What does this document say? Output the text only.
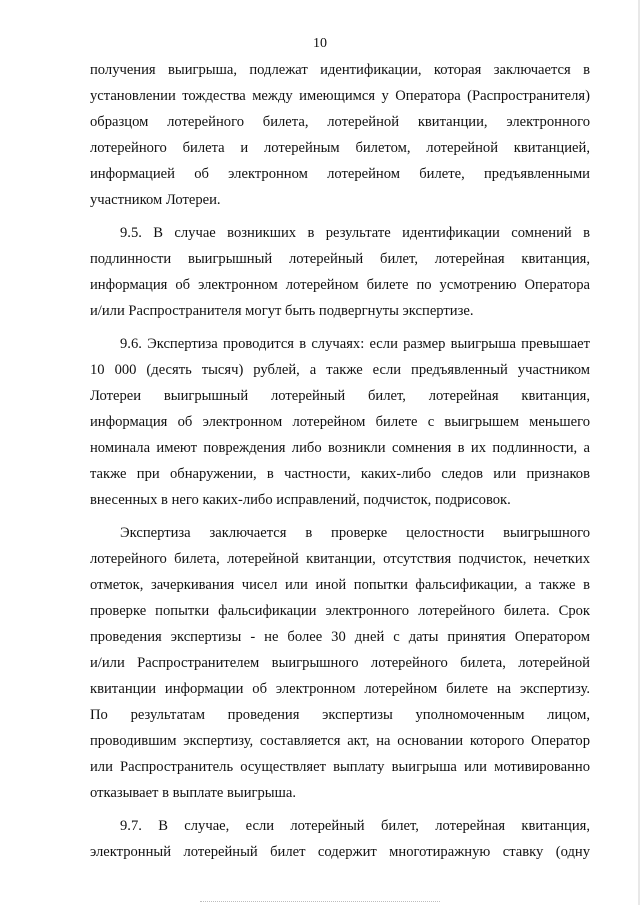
10
получения выигрыша, подлежат идентификации, которая заключается в
установлении тождества между имеющимся у Оператора (Распространителя)
образцом лотерейного билета, лотерейной квитанции, электронного
лотерейного билета и лотерейным билетом, лотерейной квитанцией,
информацией об электронном лотерейном билете, предъявленными
участником Лотереи.
9.5. В случае возникших в результате идентификации сомнений в
подлинности выигрышный лотерейный билет, лотерейная квитанция,
информация об электронном лотерейном билете по усмотрению Оператора
и/или Распространителя могут быть подвергнуты экспертизе.
9.6. Экспертиза проводится в случаях: если размер выигрыша превышает
10 000 (десять тысяч) рублей, а также если предъявленный участником
Лотереи выигрышный лотерейный билет, лотерейная квитанция,
информация об электронном лотерейном билете с выигрышем меньшего
номинала имеют повреждения либо возникли сомнения в их подлинности, а
также при обнаружении, в частности, каких-либо следов или признаков
внесенных в него каких-либо исправлений, подчисток, подрисовок.
Экспертиза заключается в проверке целостности выигрышного
лотерейного билета, лотерейной квитанции, отсутствия подчисток, нечетких
отметок, зачеркивания чисел или иной попытки фальсификации, а также в
проверке попытки фальсификации электронного лотерейного билета. Срок
проведения экспертизы - не более 30 дней с даты принятия Оператором
и/или Распространителем выигрышного лотерейного билета, лотерейной
квитанции информации об электронном лотерейном билете на экспертизу.
По результатам проведения экспертизы уполномоченным лицом,
проводившим экспертизу, составляется акт, на основании которого Оператор
или Распространитель осуществляет выплату выигрыша или мотивированно
отказывает в выплате выигрыша.
9.7. В случае, если лотерейный билет, лотерейная квитанция,
электронный лотерейный билет содержит многотиражную ставку (одну
